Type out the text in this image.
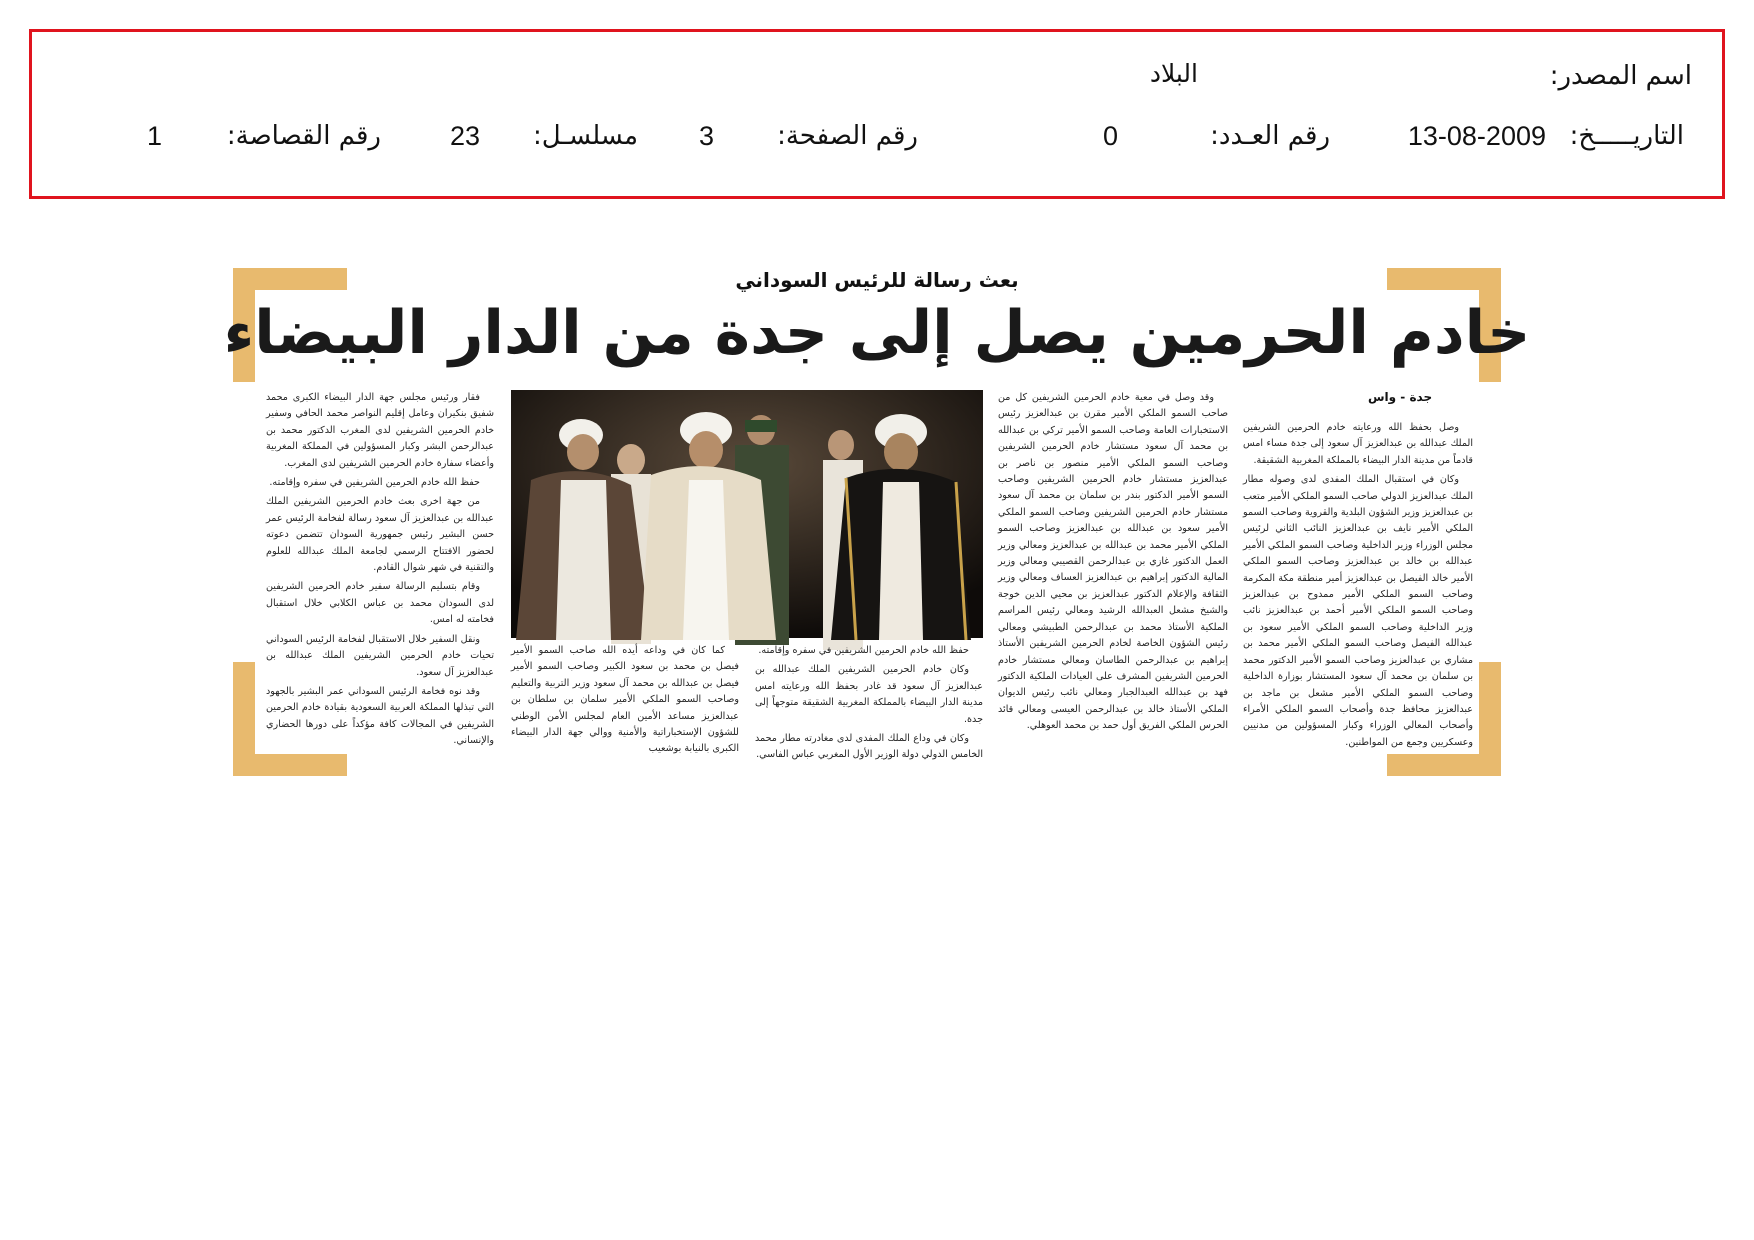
اسم المصدر:
البلاد
التاريـــــخ:
13-08-2009
رقم العـدد:
0
رقم الصفحة:
3
مسلسـل:
23
رقم القصاصة:
1
بعث رسالة للرئيس السوداني
خادم الحرمين يصل إلى جدة من الدار البيضاء
جدة - واس

وصل بحفظ الله ورعايته خادم الحرمين الشريفين الملك عبدالله بن عبدالعزيز آل سعود إلى جدة مساء امس قادماً من مدينة الدار البيضاء بالمملكة المغربية الشقيقة.

وكان في استقبال الملك المفدى لدى وصوله مطار الملك عبدالعزيز الدولي صاحب السمو الملكي الأمير متعب بن عبدالعزيز وزير الشؤون البلدية والقروية وصاحب السمو الملكي الأمير نايف بن عبدالعزيز النائب الثاني لرئيس مجلس الوزراء وزير الداخلية وصاحب السمو الملكي الأمير عبدالله بن خالد بن عبدالعزيز وصاحب السمو الملكي الأمير خالد الفيصل بن عبدالعزيز أمير منطقة مكة المكرمة وصاحب السمو الملكي الأمير ممدوح بن عبدالعزيز وصاحب السمو الملكي الأمير أحمد بن عبدالعزيز نائب وزير الداخلية وصاحب السمو الملكي الأمير سعود بن عبدالله الفيصل وصاحب السمو الملكي الأمير محمد بن مشاري بن عبدالعزيز وصاحب السمو الأمير الدكتور محمد بن سلمان بن محمد آل سعود المستشار بوزارة الداخلية وصاحب السمو الملكي الأمير مشعل بن ماجد بن عبدالعزيز محافظ جدة وأصحاب السمو الملكي الأمراء وأصحاب المعالي الوزراء وكبار المسؤولين من مدنيين وعسكريين وجمع من المواطنين.

وقد وصل في معية خادم الحرمين الشريفين كل من صاحب السمو الملكي الأمير مقرن بن عبدالعزيز رئيس الاستخبارات العامة وصاحب السمو الأمير تركي بن عبدالله بن محمد آل سعود مستشار خادم الحرمين الشريفين وصاحب السمو الملكي الأمير منصور بن ناصر بن عبدالعزيز مستشار خادم الحرمين الشريفين وصاحب السمو الأمير الدكتور بندر بن سلمان بن محمد آل سعود مستشار خادم الحرمين الشريفين وصاحب السمو الملكي الأمير سعود بن عبدالله بن عبدالعزيز وصاحب السمو الملكي الأمير محمد بن عبدالله بن عبدالعزيز ومعالي وزير العمل الدكتور غازي بن عبدالرحمن القصيبي ومعالي وزير المالية الدكتور إبراهيم بن عبدالعزيز العساف ومعالي وزير الثقافة والإعلام الدكتور عبدالعزيز بن محيي الدين خوجة والشيخ مشعل العبدالله الرشيد ومعالي رئيس المراسم الملكية الأستاذ محمد بن عبدالرحمن الطبيشي ومعالي رئيس الشؤون الخاصة لخادم الحرمين الشريفين الأستاذ إبراهيم بن عبدالرحمن الطاسان ومعالي مستشار خادم الحرمين الشريفين المشرف على العيادات الملكية الدكتور فهد بن عبدالله العبدالجبار ومعالي نائب رئيس الديوان الملكي الأستاذ خالد بن عبدالرحمن العيسى ومعالي قائد الحرس الملكي الفريق أول حمد بن محمد العوهلي.

حفظ الله خادم الحرمين الشريفين في سفره وإقامته.

وكان خادم الحرمين الشريفين الملك عبدالله بن عبدالعزيز آل سعود قد غادر بحفظ الله ورعايته امس مدينة الدار البيضاء بالمملكة المغربية الشقيقة متوجهاً إلى جدة.

وكان في وداع الملك المفدى لدى مغادرته مطار محمد الخامس الدولي دولة الوزير الأول المغربي عباس الفاسي.

كما كان في وداعه أيده الله صاحب السمو الأمير فيصل بن محمد بن سعود الكبير وصاحب السمو الأمير فيصل بن عبدالله بن محمد آل سعود وزير التربية والتعليم وصاحب السمو الملكي الأمير سلمان بن سلطان بن عبدالعزيز مساعد الأمين العام لمجلس الأمن الوطني للشؤون الإستخباراتية والأمنية ووالي جهة الدار البيضاء الكبرى بالنيابة بوشعيب

فقار ورئيس مجلس جهة الدار البيضاء الكبرى محمد شفيق بنكيران وعامل إقليم النواصر محمد الحافي وسفير خادم الحرمين الشريفين لدى المغرب الدكتور محمد بن عبدالرحمن البشر وكبار المسؤولين في المملكة المغربية وأعضاء سفارة خادم الحرمين الشريفين لدى المغرب.

حفظ الله خادم الحرمين الشريفين في سفره وإقامته.

من جهة اخرى بعث خادم الحرمين الشريفين الملك عبدالله بن عبدالعزيز آل سعود رسالة لفخامة الرئيس عمر حسن البشير رئيس جمهورية السودان تتضمن دعوته لحضور الافتتاح الرسمي لجامعة الملك عبدالله للعلوم والتقنية في شهر شوال القادم.

وقام بتسليم الرسالة سفير خادم الحرمين الشريفين لدى السودان محمد بن عباس الكلابي خلال استقبال فخامته له امس.

ونقل السفير خلال الاستقبال لفخامة الرئيس السوداني تحيات خادم الحرمين الشريفين الملك عبدالله بن عبدالعزيز آل سعود.

وقد نوه فخامة الرئيس السوداني عمر البشير بالجهود التي تبذلها المملكة العربية السعودية بقيادة خادم الحرمين الشريفين في المجالات كافة مؤكداً على دورها الحضاري والإنساني.
